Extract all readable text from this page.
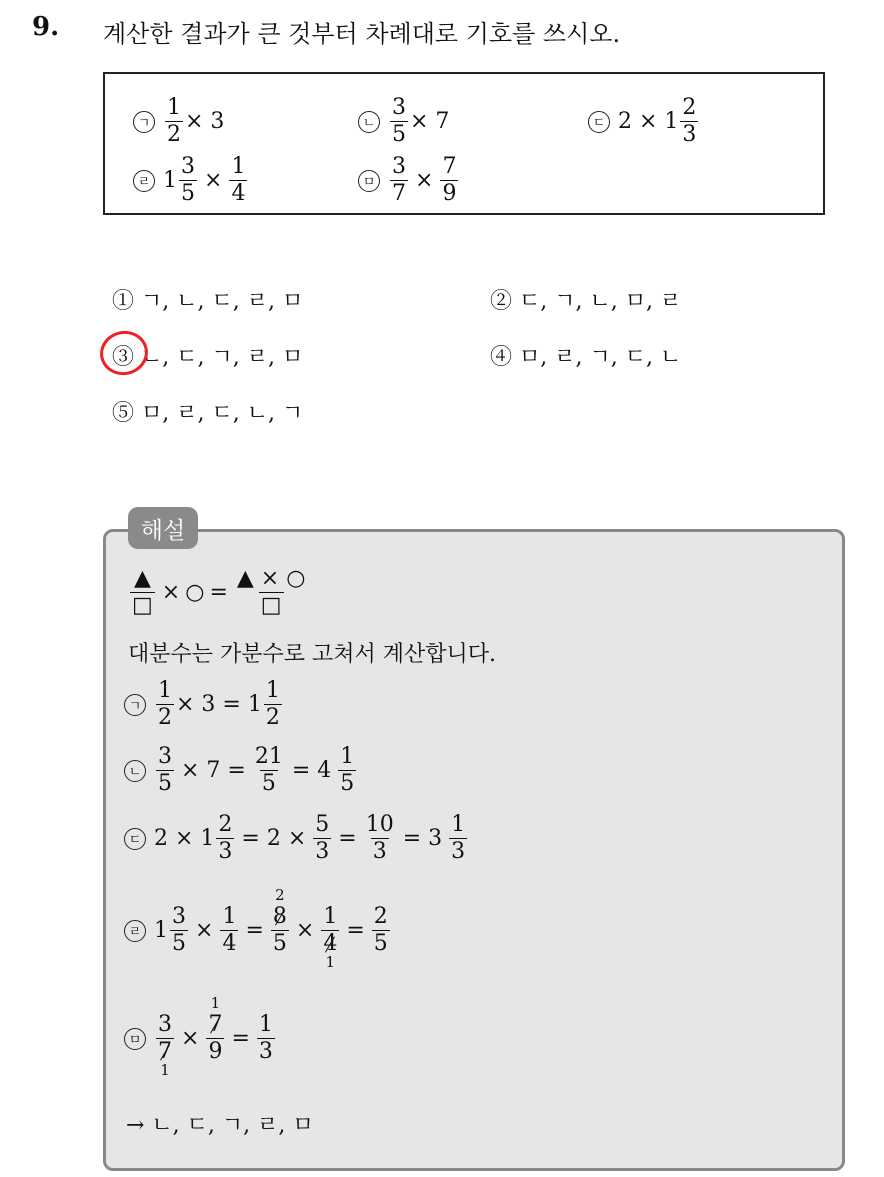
9. 계산한 결과가 큰 것부터 차례대로 기호를 쓰시오.
ㄱ $\frac{1}{2} \times 3$	ㄴ $\frac{3}{5} \times 7$	ㄷ $2 \times 1 \frac{2}{3}$
ㄹ $1 \frac{3}{5} \times \frac{1}{4}$	ㅁ $\frac{3}{7} \times \frac{7}{9}$
① ㄱ, ㄴ, ㄷ, ㄹ, ㅁ	② ㄷ, ㄱ, ㄴ, ㅁ, ㄹ
③ ㄴ, ㄷ, ㄱ, ㄹ, ㅁ	④ ㅁ, ㄹ, ㄱ, ㄷ, ㄴ
⑤ ㅁ, ㄹ, ㄷ, ㄴ, ㄱ
해설
$\frac{▲}{□}$ × ○ = $\frac{▲ \times ○}{□}$
대분수는 가분수로 고쳐서 계산합니다.
ㄱ $\frac{1}{2} \times 3 = 1 \frac{1}{2}$
ㄴ $\frac{3}{5} \times 7 = \frac{21}{5} = 4 \frac{1}{5}$
ㄷ $2 \times 1 \frac{2}{3} = 2 \times \frac{5}{3} = \frac{10}{3} = 3 \frac{1}{3}$
ㄹ $1 \frac{3}{5} \times \frac{1}{4}$ =
2
$\frac{8}{5} \times \frac{1}{4}$
1
= $\frac{2}{5}$
ㅁ $\frac{3}{7}$
1
×
1
$\frac{7}{9} = \frac{1}{3}$
→ ㄴ, ㄷ, ㄱ, ㄹ, ㅁ
